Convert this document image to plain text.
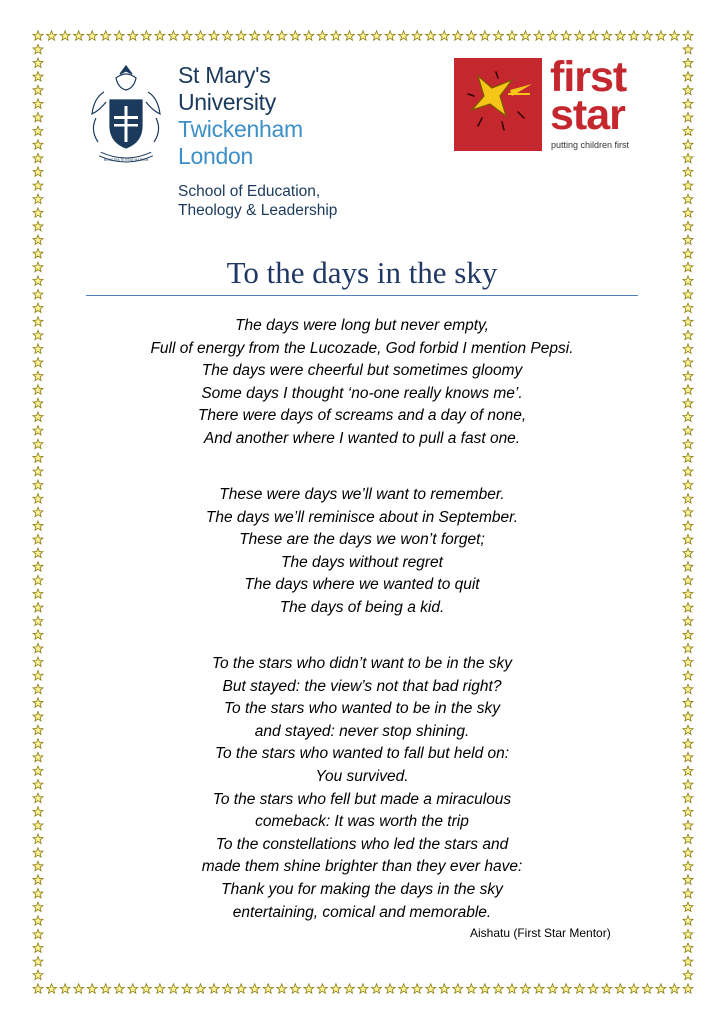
MONSTRA TE ESSE MATREM
St Mary's
University
Twickenham
London
School of Education,
Theology & Leadership
first
star
putting children first
To the days in the sky
The days were long but never empty,
Full of energy from the Lucozade, God forbid I mention Pepsi.
The days were cheerful but sometimes gloomy
Some days I thought ‘no-one really knows me’.
There were days of screams and a day of none,
And another where I wanted to pull a fast one.
These were days we’ll want to remember.
The days we’ll reminisce about in September.
These are the days we won’t forget;
The days without regret
The days where we wanted to quit
The days of being a kid.
To the stars who didn’t want to be in the sky
But stayed: the view’s not that bad right?
To the stars who wanted to be in the sky
and stayed: never stop shining.
To the stars who wanted to fall but held on:
You survived.
To the stars who fell but made a miraculous
comeback: It was worth the trip
To the constellations who led the stars and
made them shine brighter than they ever have:
Thank you for making the days in the sky
entertaining, comical and memorable.
Aishatu (First Star Mentor)
